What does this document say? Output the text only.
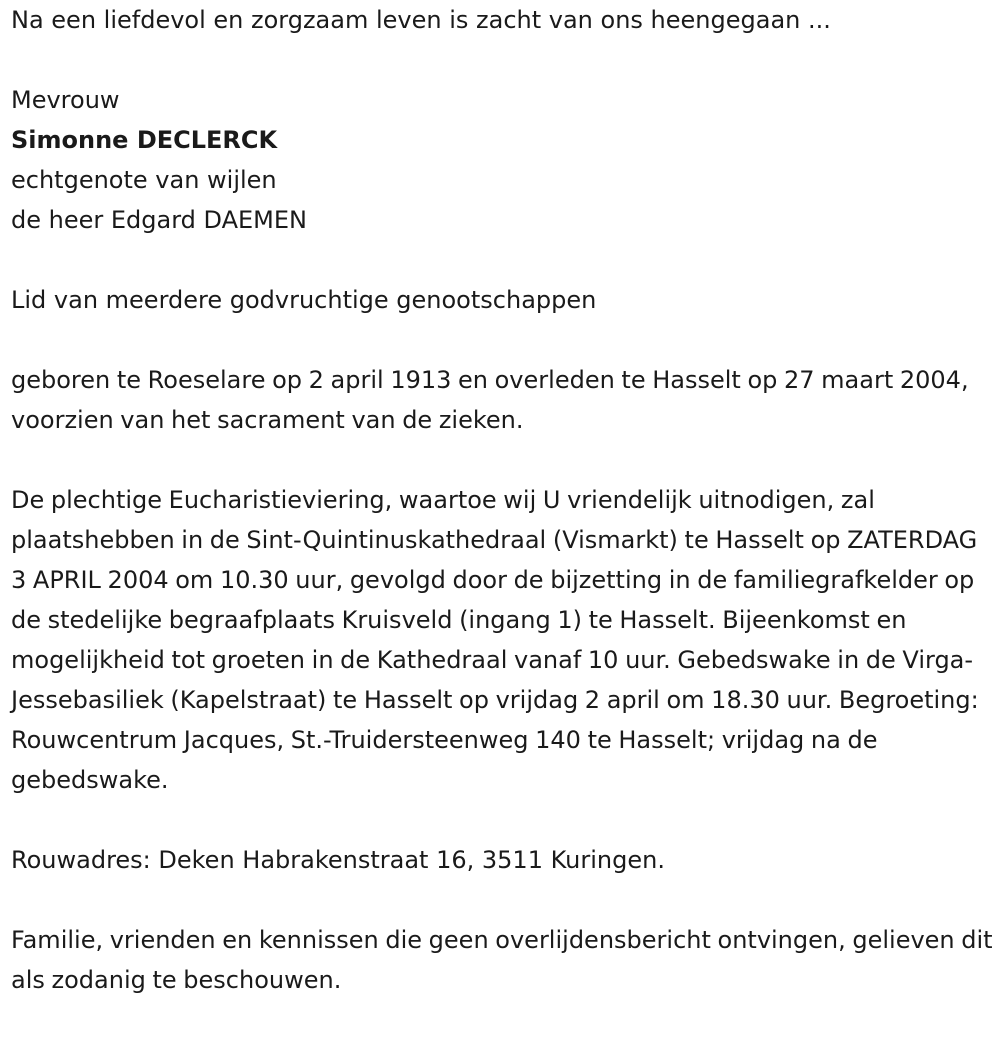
Na een liefdevol en zorgzaam leven is zacht van ons heengegaan ...

Mevrouw

Simonne DECLERCK

echtgenote van wijlen

de heer Edgard DAEMEN

Lid van meerdere godvruchtige genootschappen

geboren te Roeselare op 2 april 1913 en overleden te Hasselt op 27 maart 2004, voorzien van het sacrament van de zieken.

De plechtige Eucharistieviering, waartoe wij U vriendelijk uitnodigen, zal plaatshebben in de Sint-Quintinuskathedraal (Vismarkt) te Hasselt op ZATERDAG 3 APRIL 2004 om 10.30 uur, gevolgd door de bijzetting in de familiegrafkelder op de stedelijke begraafplaats Kruisveld (ingang 1) te Hasselt. Bijeenkomst en mogelijkheid tot groeten in de Kathedraal vanaf 10 uur. Gebedswake in de Virga-Jessebasiliek (Kapelstraat) te Hasselt op vrijdag 2 april om 18.30 uur. Begroeting: Rouwcentrum Jacques, St.-Truidersteenweg 140 te Hasselt; vrijdag na de gebedswake.

Rouwadres: Deken Habrakenstraat 16, 3511 Kuringen.

Familie, vrienden en kennissen die geen overlijdensbericht ontvingen, gelieven dit als zodanig te beschouwen.
